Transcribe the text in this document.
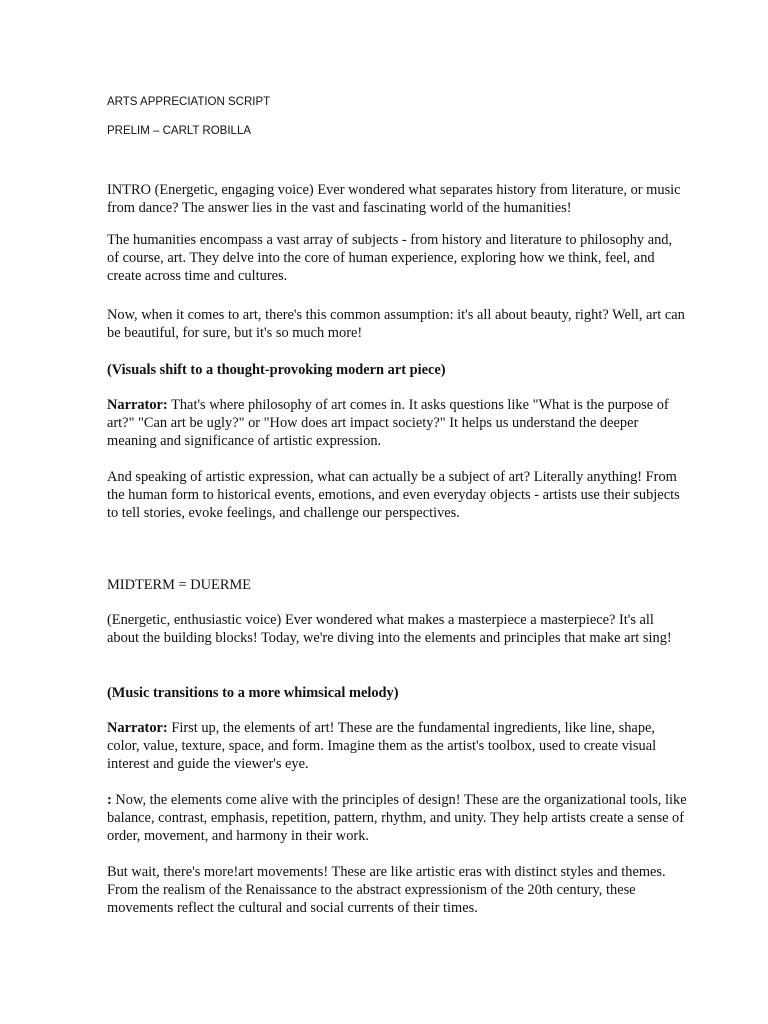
ARTS APPRECIATION SCRIPT

PRELIM – CARLT ROBILLA

INTRO (Energetic, engaging voice) Ever wondered what separates history from literature, or music from dance? The answer lies in the vast and fascinating world of the humanities!

The humanities encompass a vast array of subjects - from history and literature to philosophy and, of course, art. They delve into the core of human experience, exploring how we think, feel, and create across time and cultures.

Now, when it comes to art, there's this common assumption: it's all about beauty, right? Well, art can be beautiful, for sure, but it's so much more!

(Visuals shift to a thought-provoking modern art piece)

Narrator: That's where philosophy of art comes in. It asks questions like "What is the purpose of art?" "Can art be ugly?" or "How does art impact society?" It helps us understand the deeper meaning and significance of artistic expression.

And speaking of artistic expression, what can actually be a subject of art? Literally anything! From the human form to historical events, emotions, and even everyday objects - artists use their subjects to tell stories, evoke feelings, and challenge our perspectives.

MIDTERM = DUERME

(Energetic, enthusiastic voice) Ever wondered what makes a masterpiece a masterpiece? It's all about the building blocks! Today, we're diving into the elements and principles that make art sing!

(Music transitions to a more whimsical melody)

Narrator: First up, the elements of art! These are the fundamental ingredients, like line, shape, color, value, texture, space, and form. Imagine them as the artist's toolbox, used to create visual interest and guide the viewer's eye.

: Now, the elements come alive with the principles of design! These are the organizational tools, like balance, contrast, emphasis, repetition, pattern, rhythm, and unity. They help artists create a sense of order, movement, and harmony in their work.

But wait, there's more!art movements! These are like artistic eras with distinct styles and themes. From the realism of the Renaissance to the abstract expressionism of the 20th century, these movements reflect the cultural and social currents of their times.
